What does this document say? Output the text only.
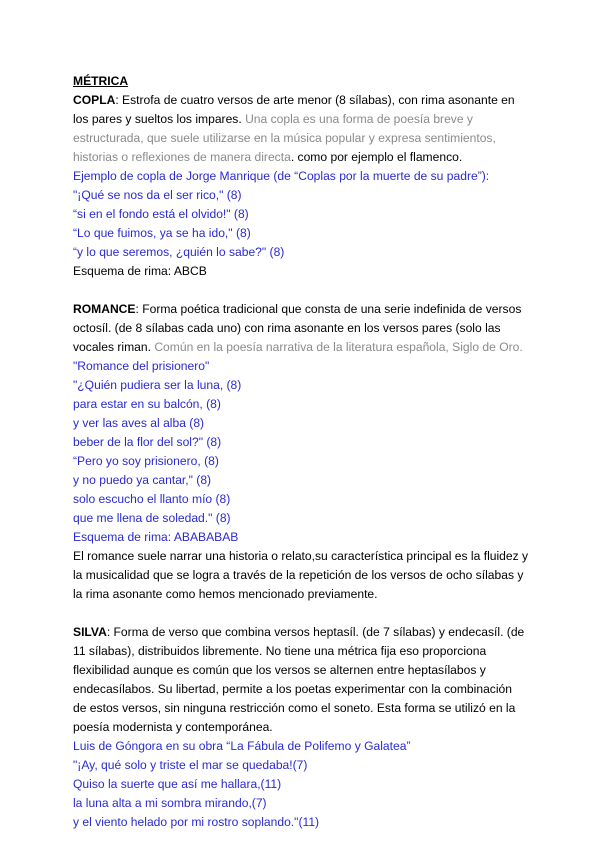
MÉTRICA
COPLA: Estrofa de cuatro versos de arte menor (8 sílabas), con rima asonante en
los pares y sueltos los impares. Una copla es una forma de poesía breve y
estructurada, que suele utilizarse en la música popular y expresa sentimientos,
historias o reflexiones de manera directa. como por ejemplo el flamenco.
Ejemplo de copla de Jorge Manrique (de “Coplas por la muerte de su padre”):
"¡Qué se nos da el ser rico," (8)
“si en el fondo está el olvido!" (8)
“Lo que fuimos, ya se ha ido," (8)
“y lo que seremos, ¿quién lo sabe?" (8)
Esquema de rima: ABCB
ROMANCE: Forma poética tradicional que consta de una serie indefinida de versos
octosíl. (de 8 sílabas cada uno) con rima asonante en los versos pares (solo las
vocales riman. Común en la poesía narrativa de la literatura española, Siglo de Oro.
"Romance del prisionero"
"¿Quién pudiera ser la luna, (8)
para estar en su balcón, (8)
y ver las aves al alba (8)
beber de la flor del sol?" (8)
“Pero yo soy prisionero, (8)
y no puedo ya cantar," (8)
solo escucho el llanto mío (8)
que me llena de soledad." (8)
Esquema de rima: ABABABAB
El romance suele narrar una historia o relato,su característica principal es la fluidez y
la musicalidad que se logra a través de la repetición de los versos de ocho sílabas y
la rima asonante como hemos mencionado previamente.
SILVA: Forma de verso que combina versos heptasíl. (de 7 sílabas) y endecasíl. (de
11 sílabas), distribuidos libremente. No tiene una métrica fija eso proporciona
flexibilidad aunque es común que los versos se alternen entre heptasílabos y
endecasílabos. Su libertad, permite a los poetas experimentar con la combinación
de estos versos, sin ninguna restricción como el soneto. Esta forma se utilizó en la
poesía modernista y contemporánea.
Luis de Góngora en su obra “La Fábula de Polifemo y Galatea”
"¡Ay, qué solo y triste el mar se quedaba!(7)
Quiso la suerte que así me hallara,(11)
la luna alta a mi sombra mirando,(7)
y el viento helado por mi rostro soplando."(11)
